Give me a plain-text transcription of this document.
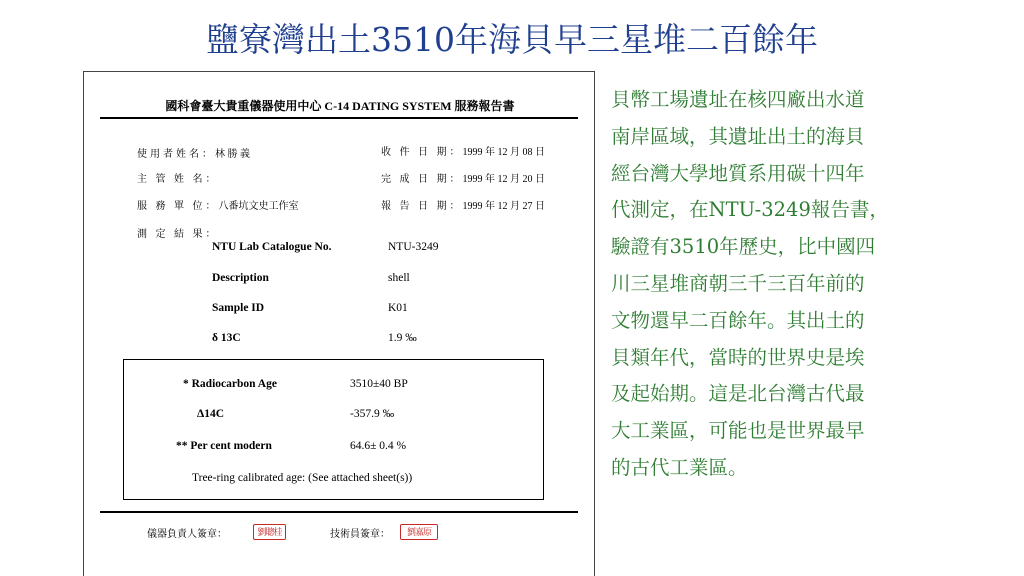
鹽寮灣出土3510年海貝早三星堆二百餘年
國科會臺大貴重儀器使用中心 C-14 DATING SYSTEM 服務報告書
使用者姓名：林 勝 義
主 管 姓 名：
服 務 單 位：八番坑文史工作室
測 定 結 果：
收 件 日 期：1999 年 12 月 08 日
完 成 日 期：1999 年 12 月 20 日
報 告 日 期：1999 年 12 月 27 日
NTU Lab Catalogue No.	NTU-3249
Description	shell
Sample ID	K01
δ 13C	1.9 ‰
* Radiocarbon Age	3510±40 BP
Δ14C	-357.9 ‰
** Per cent modern	64.6± 0.4 %
Tree-ring calibrated age: (See attached sheet(s))
儀器負責人簽章：	劉聰桂	技術員簽章：	劉嘉原
貝幣工場遺址在核四廠出水道
南岸區域，其遺址出土的海貝
經台灣大學地質系用碳十四年
代測定，在NTU-3249報告書，
驗證有3510年歷史，比中國四
川三星堆商朝三千三百年前的
文物還早二百餘年。其出土的
貝類年代，當時的世界史是埃
及起始期。這是北台灣古代最
大工業區，可能也是世界最早
的古代工業區。
